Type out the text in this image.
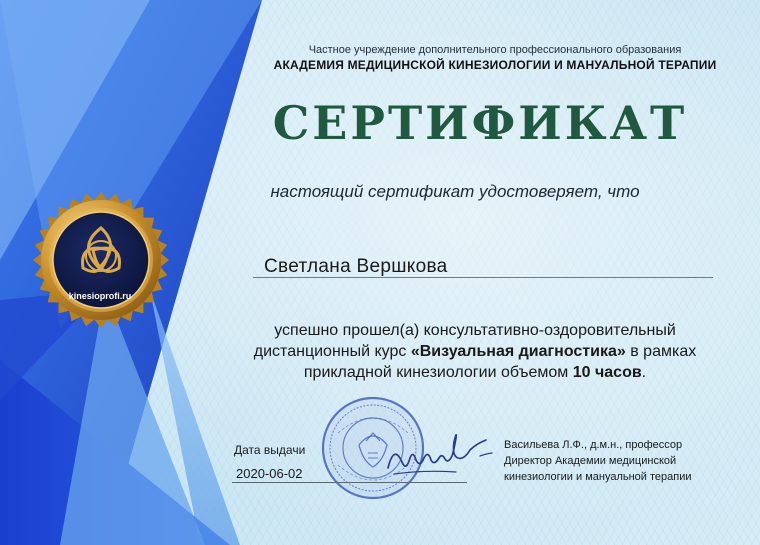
Частное учреждение дополнительного профессионального образования
АКАДЕМИЯ МЕДИЦИНСКОЙ КИНЕЗИОЛОГИИ И МАНУАЛЬНОЙ ТЕРАПИИ
СЕРТИФИКАТ
настоящий сертификат удостоверяет, что
Светлана Вершкова
успешно прошел(а) консультативно-оздоровительный дистанционный курс «Визуальная диагностика» в рамках прикладной кинезиологии объемом 10 часов.
Дата выдачи
2020-06-02
Васильева Л.Ф., д.м.н., профессор
Директор Академии медицинской
кинезиологии и мануальной терапии
kinesioprofi.ru
